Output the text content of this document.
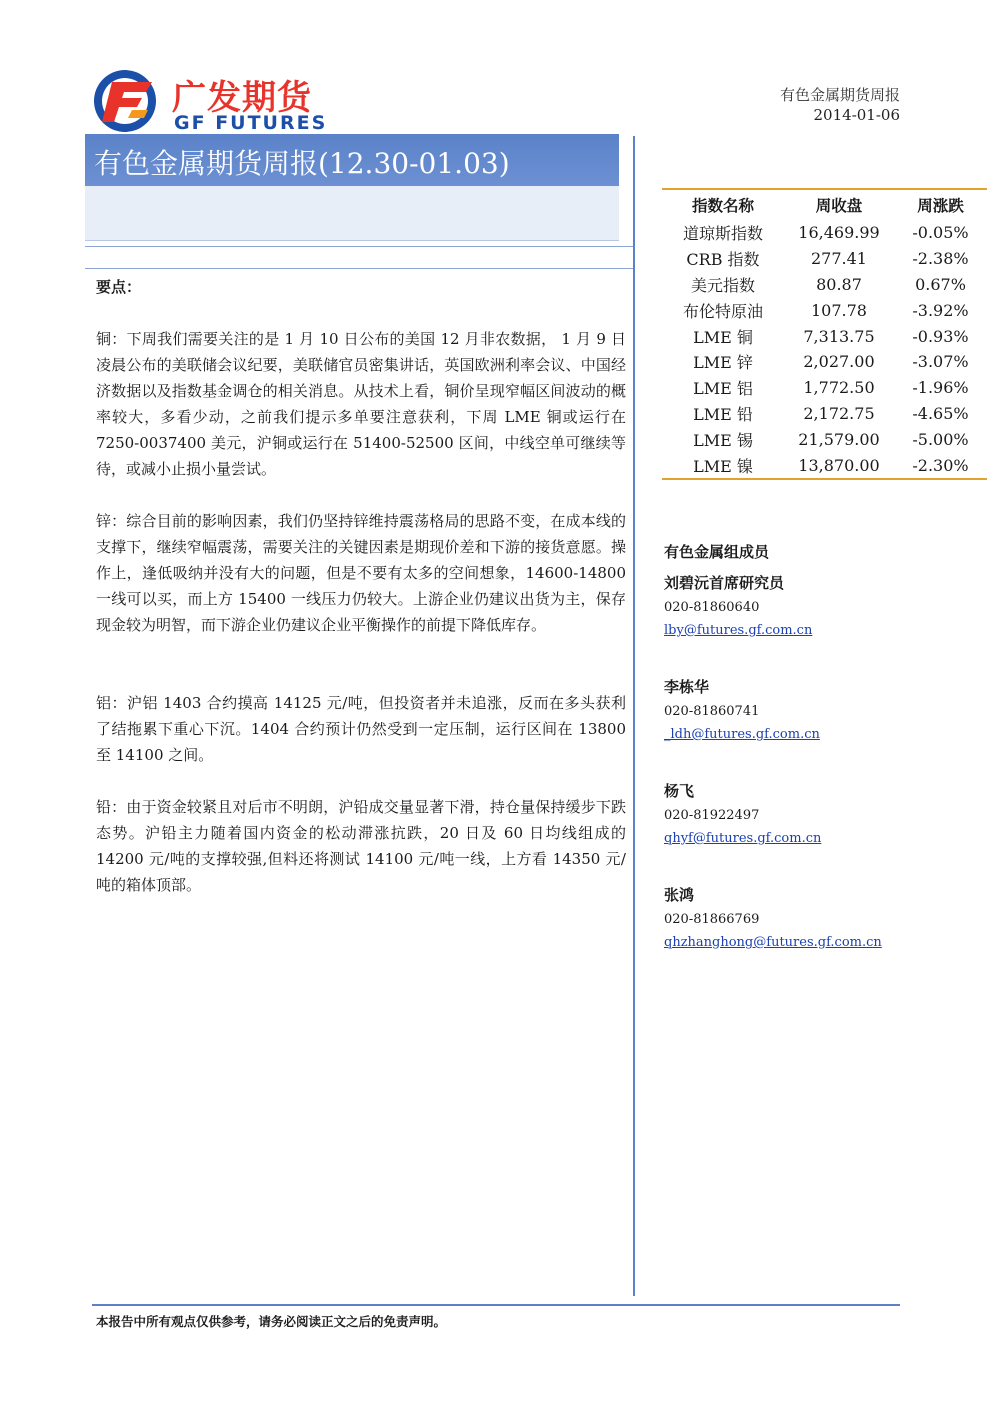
广发期货
GF FUTURES
有色金属期货周报
2014-01-06
有色金属期货周报(12.30-01.03)
要点：
铜：下周我们需要关注的是 1 月 10 日公布的美国 12 月非农数据， 1 月 9 日凌晨公布的美联储会议纪要，美联储官员密集讲话，英国欧洲利率会议、中国经济数据以及指数基金调仓的相关消息。从技术上看，铜价呈现窄幅区间波动的概率较大，多看少动，之前我们提示多单要注意获利，下周 LME 铜或运行在 7250-0037400 美元，沪铜或运行在 51400-52500 区间，中线空单可继续等待，或减小止损小量尝试。
锌：综合目前的影响因素，我们仍坚持锌维持震荡格局的思路不变，在成本线的支撑下，继续窄幅震荡，需要关注的关键因素是期现价差和下游的接货意愿。操作上，逢低吸纳并没有大的问题，但是不要有太多的空间想象，14600-14800 一线可以买，而上方 15400 一线压力仍较大。上游企业仍建议出货为主，保存现金较为明智，而下游企业仍建议企业平衡操作的前提下降低库存。
铝：沪铝 1403 合约摸高 14125 元/吨，但投资者并未追涨，反而在多头获利了结拖累下重心下沉。1404 合约预计仍然受到一定压制，运行区间在 13800 至 14100 之间。
铅：由于资金较紧且对后市不明朗，沪铅成交量显著下滑，持仓量保持缓步下跌态势。沪铅主力随着国内资金的松动滞涨抗跌，20 日及 60 日均线组成的 14200 元/吨的支撑较强,但料还将测试 14100 元/吨一线，上方看 14350 元/吨的箱体顶部。
指数名称	周收盘	周涨跌
道琼斯指数	16,469.99	-0.05%
CRB 指数	277.41	-2.38%
美元指数	80.87	0.67%
布伦特原油	107.78	-3.92%
LME 铜	7,313.75	-0.93%
LME 锌	2,027.00	-3.07%
LME 铝	1,772.50	-1.96%
LME 铅	2,172.75	-4.65%
LME 锡	21,579.00	-5.00%
LME 镍	13,870.00	-2.30%
有色金属组成员
刘碧沅首席研究员
020-81860640
lby@futures.gf.com.cn
李栋华
020-81860741
_ldh@futures.gf.com.cn
杨飞
020-81922497
qhyf@futures.gf.com.cn
张鸿
020-81866769
qhzhanghong@futures.gf.com.cn
本报告中所有观点仅供参考，请务必阅读正文之后的免责声明。
